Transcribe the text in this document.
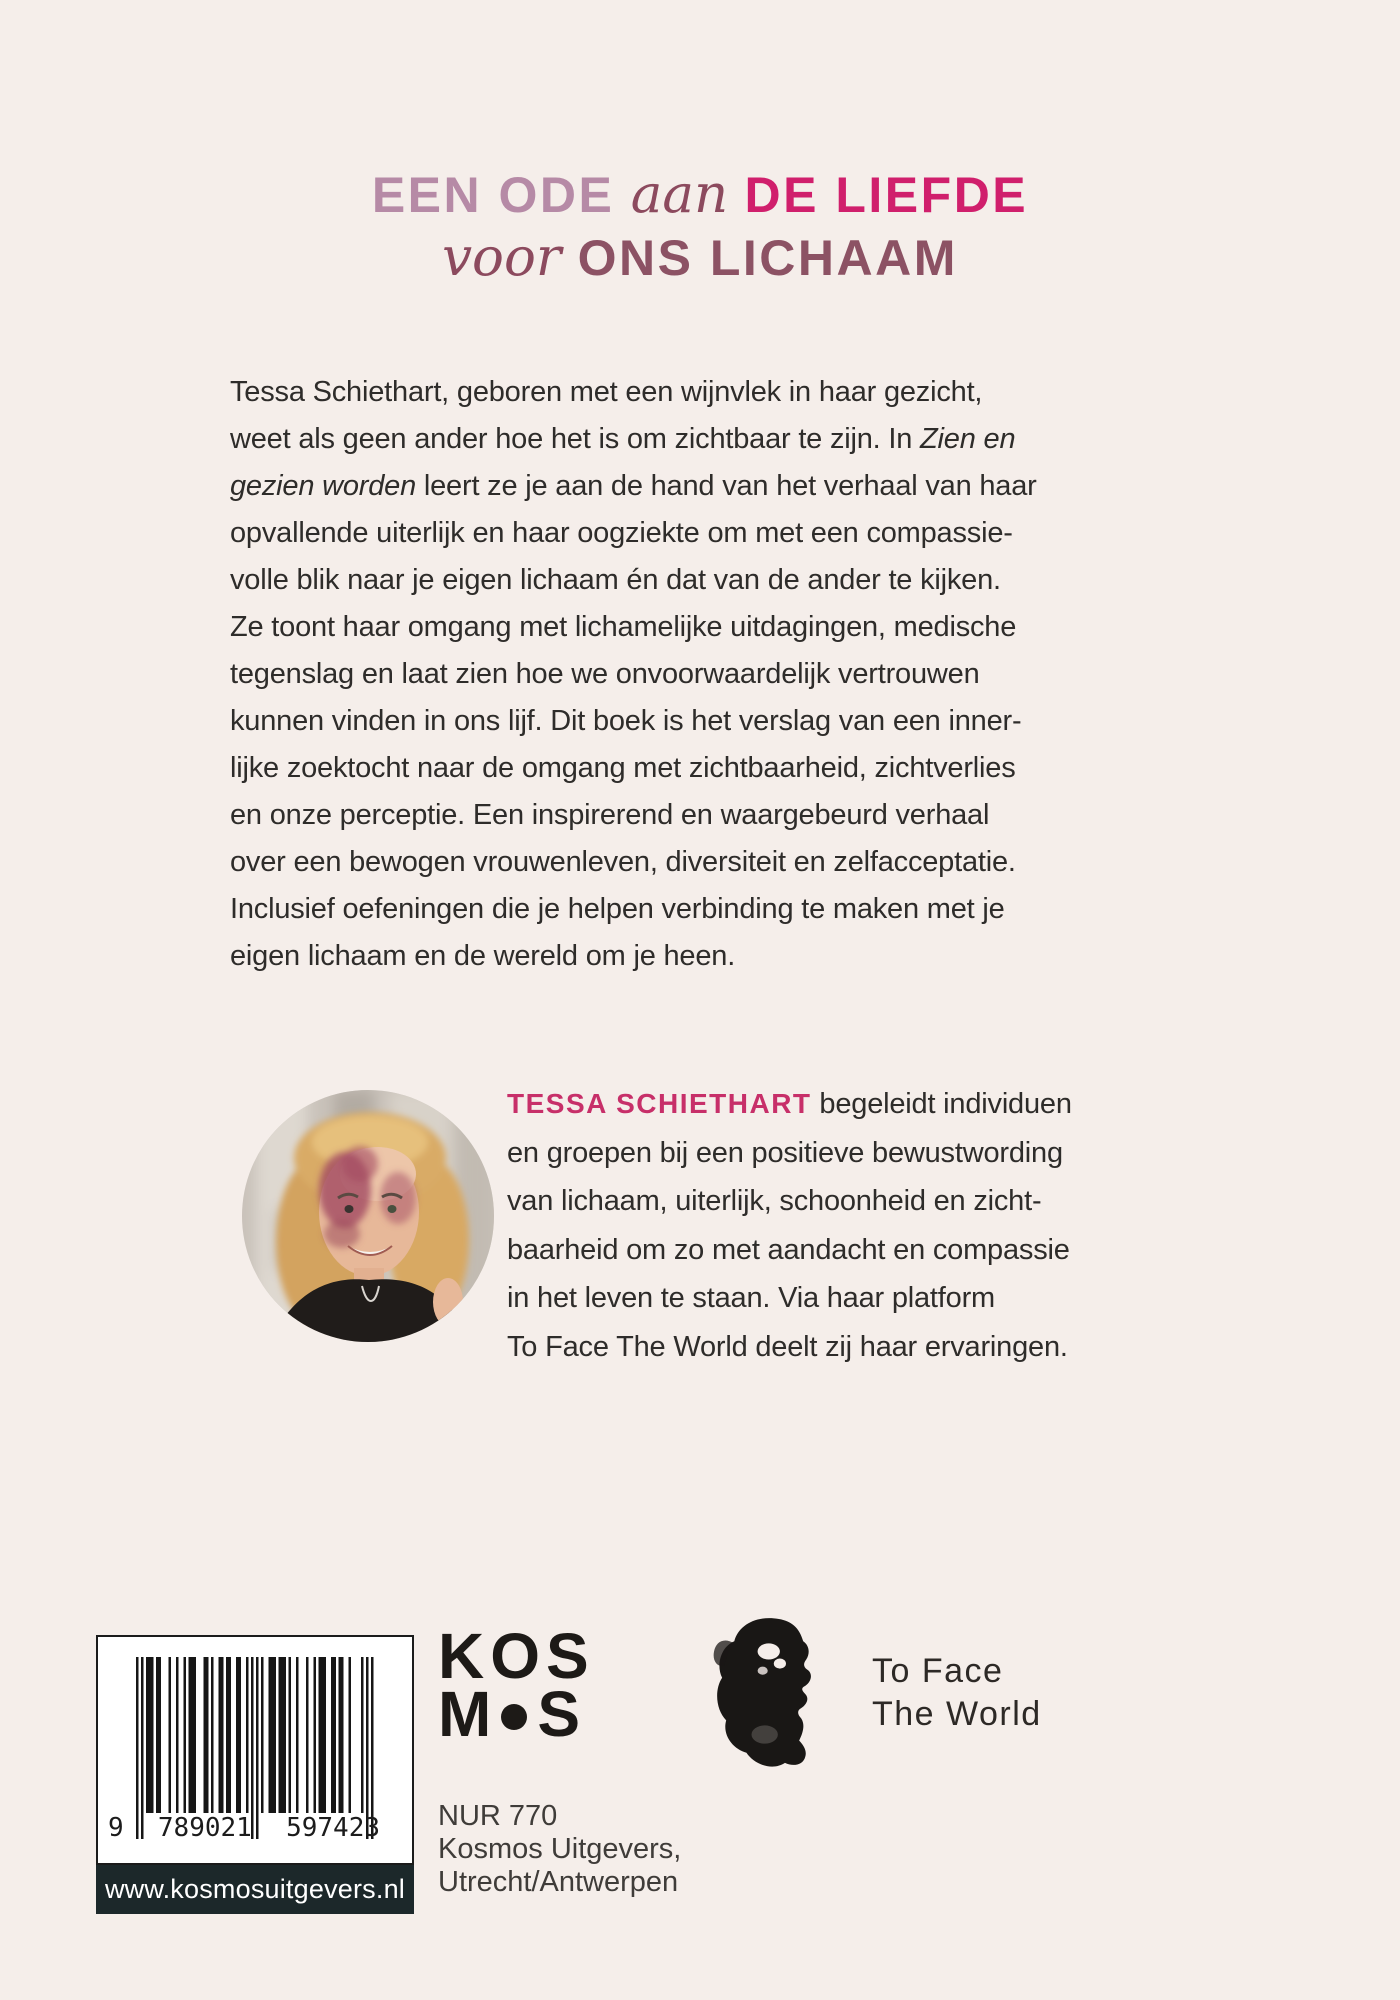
EEN ODE aan DE LIEFDE
voor ONS LICHAAM
Tessa Schiethart, geboren met een wijnvlek in haar gezicht,
weet als geen ander hoe het is om zichtbaar te zijn. In Zien en
gezien worden leert ze je aan de hand van het verhaal van haar
opvallende uiterlijk en haar oogziekte om met een compassie-
volle blik naar je eigen lichaam én dat van de ander te kijken.
Ze toont haar omgang met lichamelijke uitdagingen, medische
tegenslag en laat zien hoe we onvoorwaardelijk vertrouwen
kunnen vinden in ons lijf. Dit boek is het verslag van een inner-
lijke zoektocht naar de omgang met zichtbaarheid, zichtverlies
en onze perceptie. Een inspirerend en waargebeurd verhaal
over een bewogen vrouwenleven, diversiteit en zelfacceptatie.
Inclusief oefeningen die je helpen verbinding te maken met je
eigen lichaam en de wereld om je heen.
TESSA SCHIETHART begeleidt individuen
en groepen bij een positieve bewustwording
van lichaam, uiterlijk, schoonheid en zicht-
baarheid om zo met aandacht en compassie
in het leven te staan. Via haar platform
To Face The World deelt zij haar ervaringen.
9 789021 597423
www.kosmosuitgevers.nl
KOS
M S
NUR 770
Kosmos Uitgevers,
Utrecht/Antwerpen
To Face
The World
